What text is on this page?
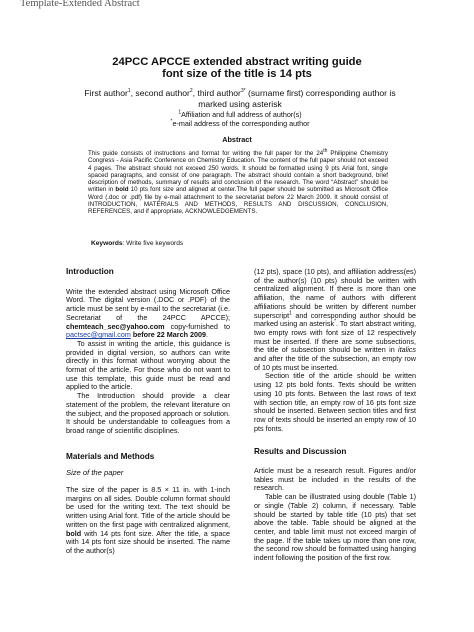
Template-Extended Abstract
24PCC APCCE extended abstract writing guide
font size of the title is 14 pts
First author$^1$, second author$^2$, third author$^{3*}$ (surname first) corresponding author is
marked using asterisk
$^1$Affiliation and full address of author(s)
*e-mail address of the corresponding author
Abstract
This guide consists of instructions and format for writing the full paper for the 24th Philippine Chemistry Congress - Asia Pacific Conference on Chemistry Education. The content of the full paper should not exceed 4 pages. The abstract should not exceed 250 words. It should be formatted using 9 pts Arial font, single spaced paragraphs, and consist of one paragraph. The abstract should contain a short background, brief description of methods, summary of results and conclusion of the research. The word “Abstract” should be written in bold 10 pts font size and aligned at center.The full paper should be submitted as Microsoft Office Word (.doc or .pdf) file by e-mail attachment to the secretariat before 22 March 2009. It should consist of INTRODUCTION, MATERIALS AND METHODS, RESULTS AND DISCUSSION, CONCLUSION, REFERENCES, and if appropriate, ACKNOWLEDGEMENTS.
Keywords: Write five keywords

Introduction

Write the extended abstract using Microsoft Office Word. The digital version (.DOC or .PDF) of the article must be sent by e-mail to the secretariat (i.e. Secretariat of the 24PCC APCCE); chemteach_sec@yahoo.com copy-furnished to pactsec@gmail.com before 22 March 2009.

To assist in writing the article, this guidance is provided in digital version, so authors can write directly in this format without worrying about the format of the article. For those who do not want to use this template, this guide must be read and applied to the article.

The Introduction should provide a clear statement of the problem, the relevant literature on the subject, and the proposed approach or solution. It should be understandable to colleagues from a broad range of scientific disciplines.

Materials and Methods

Size of the paper

The size of the paper is 8.5 × 11 in. with 1-inch margins on all sides. Double column format should be used for the writing text. The text should be written using Arial font. Title of the article should be written on the first page with centralized alignment, bold with 14 pts font size. After the title, a space with 14 pts font size should be inserted. The name of the author(s)

(12 pts), space (10 pts), and affiliation address(es) of the author(s) (10 pts) should be written with centralized alignment. If there is more than one affiliation, the name of authors with different affiliations should be written by different number superscript$^1$ and corresponding author should be marked using an asterisk*. To start abstract writing, two empty rows with font size of 12 respectively must be inserted. If there are some subsections, the title of subsection should be written in italics and after the title of the subsection, an empty row of 10 pts must be inserted.

Section title of the article should be written using 12 pts bold fonts. Texts should be written using 10 pts fonts. Between the last rows of text with section title, an empty row of 16 pts font size should be inserted. Between section titles and first row of texts should be inserted an empty row of 10 pts fonts.

Results and Discussion

Article must be a research result. Figures and/or tables must be included in the results of the research.

Table can be illustrated using double (Table 1) or single (Table 2) column, if necessary. Table should be started by table title (10 pts) that set above the table. Table should be aligned at the center, and table limit must not exceed margin of the page. If the table takes up more than one row, the second row should be formatted using hanging indent following the position of the first row.
